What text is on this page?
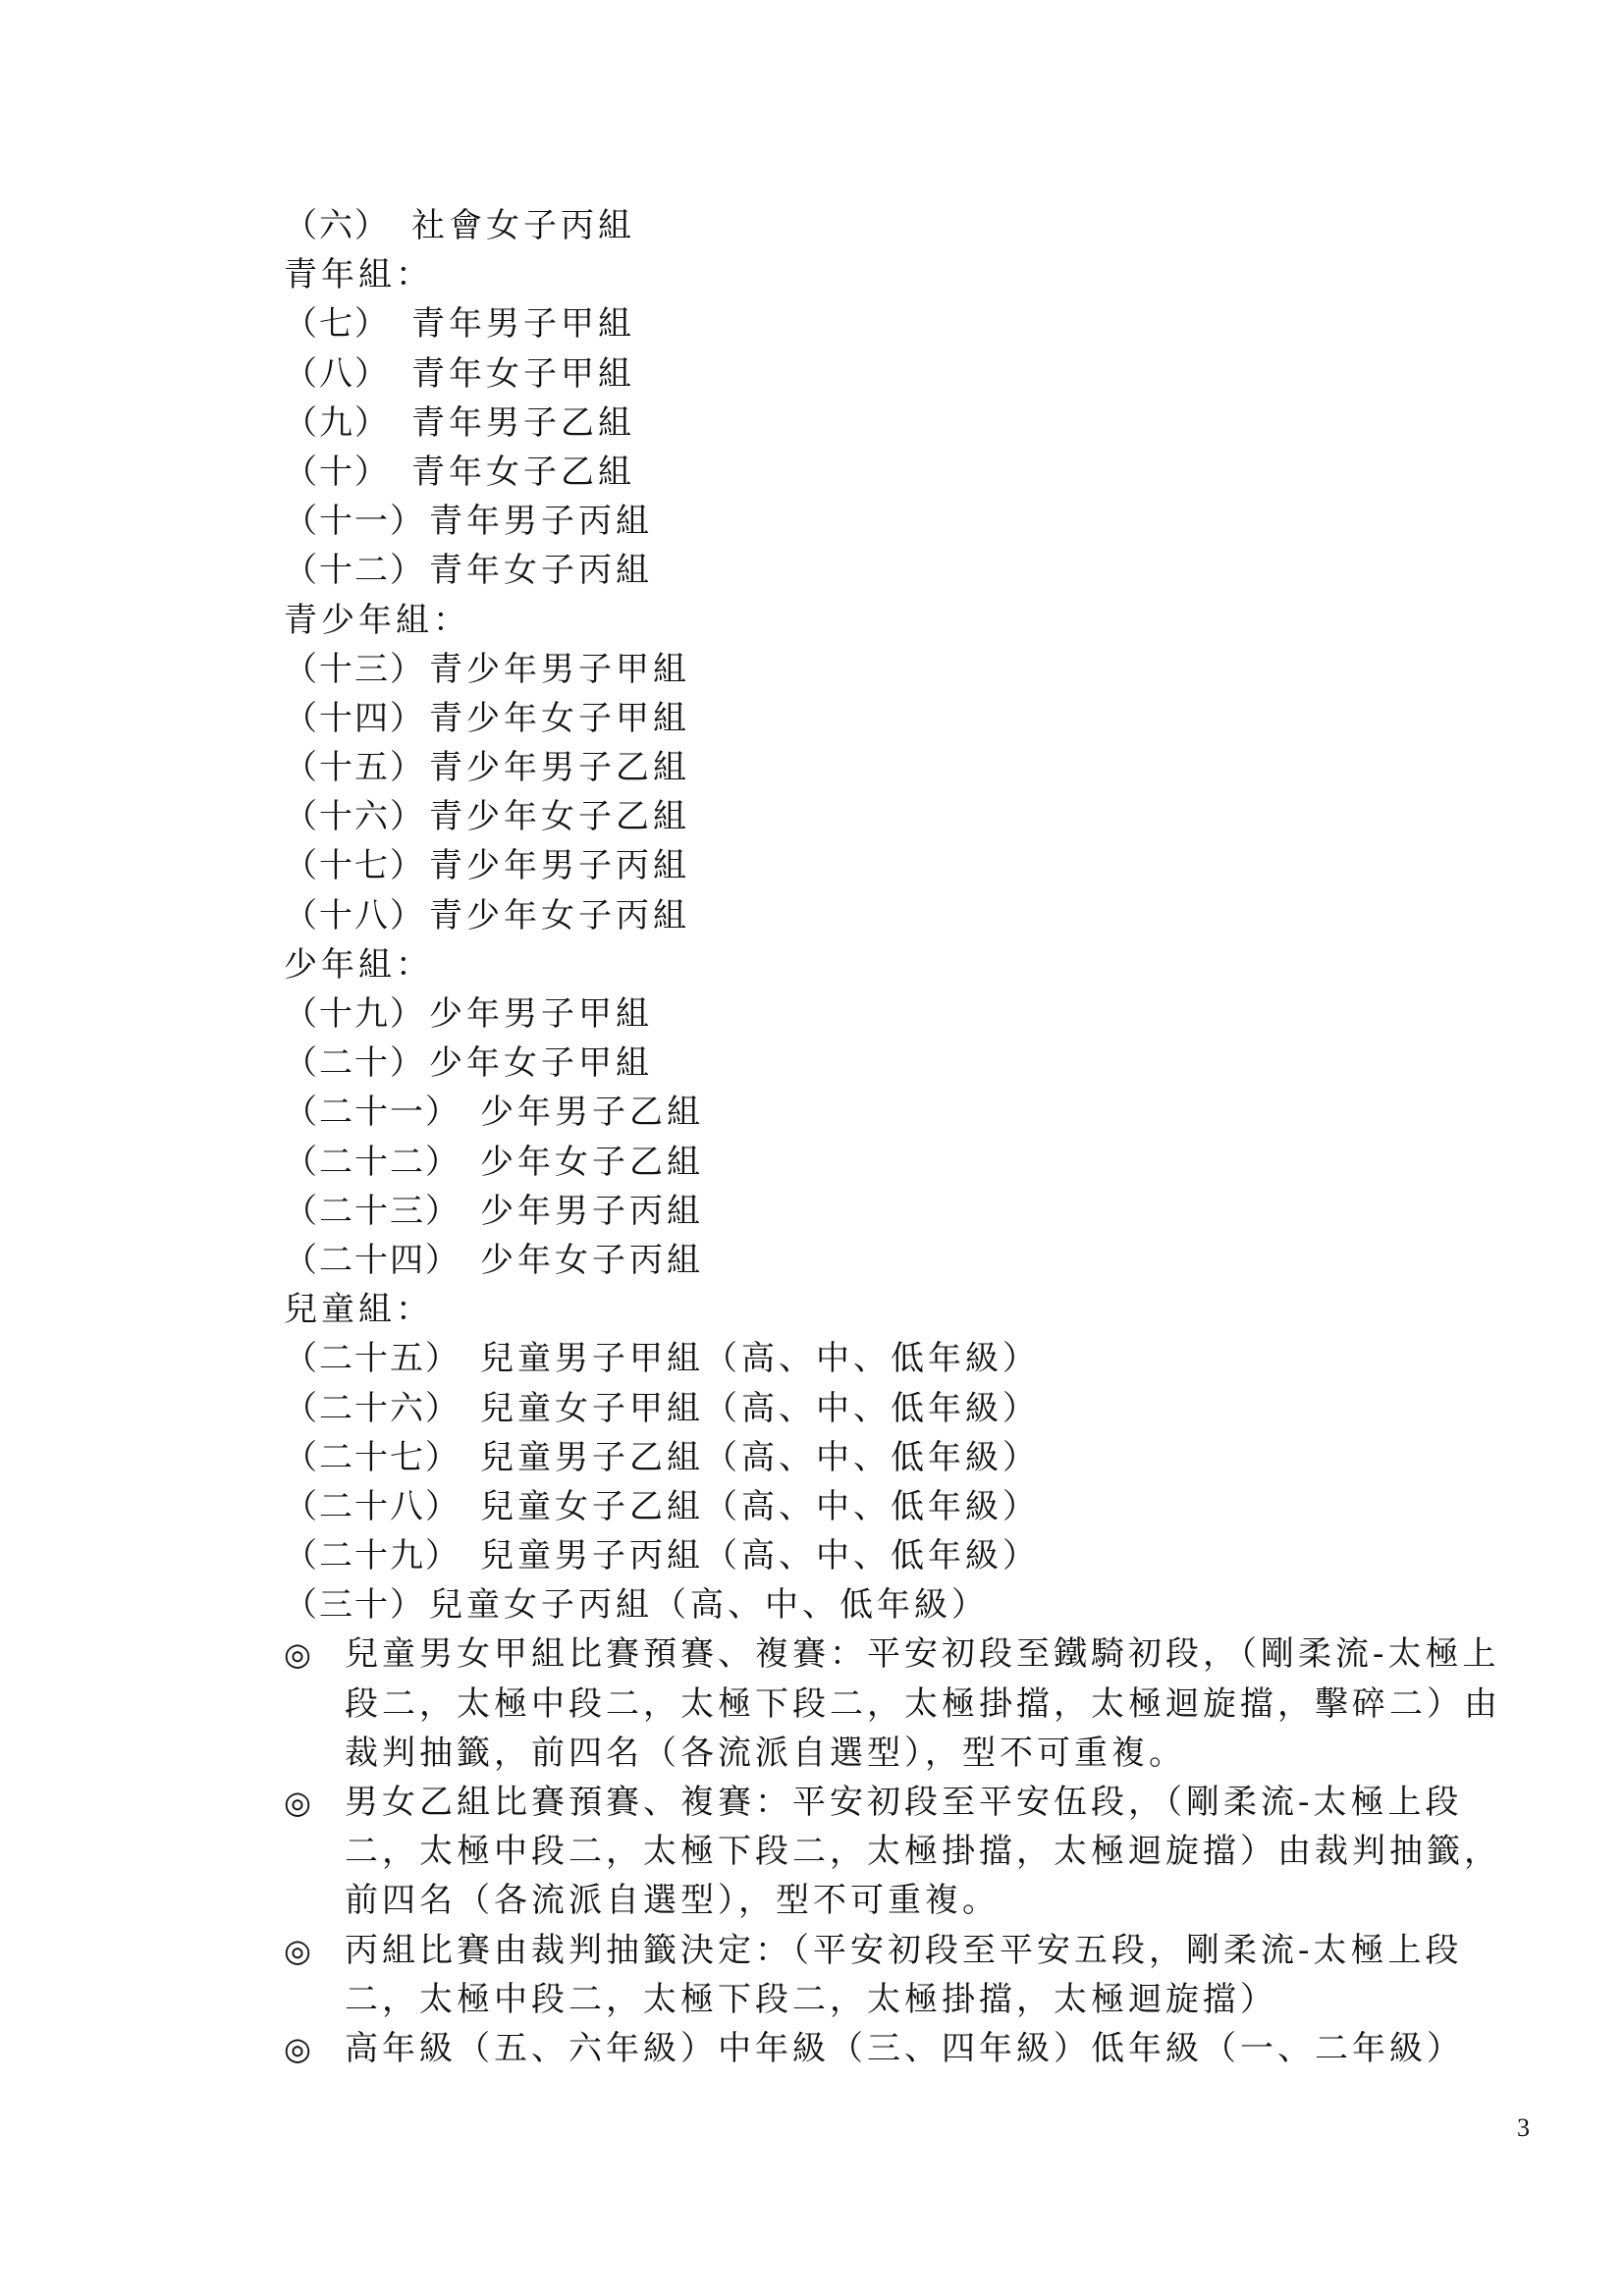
（六） 社會女子丙組
青年組：
（七） 青年男子甲組
（八） 青年女子甲組
（九） 青年男子乙組
（十） 青年女子乙組
（十一） 青年男子丙組
（十二） 青年女子丙組
青少年組：
（十三） 青少年男子甲組
（十四） 青少年女子甲組
（十五） 青少年男子乙組
（十六） 青少年女子乙組
（十七） 青少年男子丙組
（十八） 青少年女子丙組
少年組：
（十九） 少年男子甲組
（二十） 少年女子甲組
（二十一） 少年男子乙組
（二十二） 少年女子乙組
（二十三） 少年男子丙組
（二十四） 少年女子丙組
兒童組：
（二十五） 兒童男子甲組（高、中、低年級）
（二十六） 兒童女子甲組（高、中、低年級）
（二十七） 兒童男子乙組（高、中、低年級）
（二十八） 兒童女子乙組（高、中、低年級）
（二十九） 兒童男子丙組（高、中、低年級）
（三十） 兒童女子丙組（高、中、低年級）
◎ 兒童男女甲組比賽預賽、複賽：平安初段至鐵騎初段，（剛柔流-太極上段二，太極中段二，太極下段二，太極掛擋，太極迴旋擋，擊碎二）由裁判抽籤，前四名（各流派自選型），型不可重複。
◎ 男女乙組比賽預賽、複賽：平安初段至平安伍段，（剛柔流-太極上段二，太極中段二，太極下段二，太極掛擋，太極迴旋擋）由裁判抽籤，前四名（各流派自選型），型不可重複。
◎ 丙組比賽由裁判抽籤決定：（平安初段至平安五段，剛柔流-太極上段二，太極中段二，太極下段二，太極掛擋，太極迴旋擋）
◎ 高年級（五、六年級）中年級（三、四年級）低年級（一、二年級）
3
